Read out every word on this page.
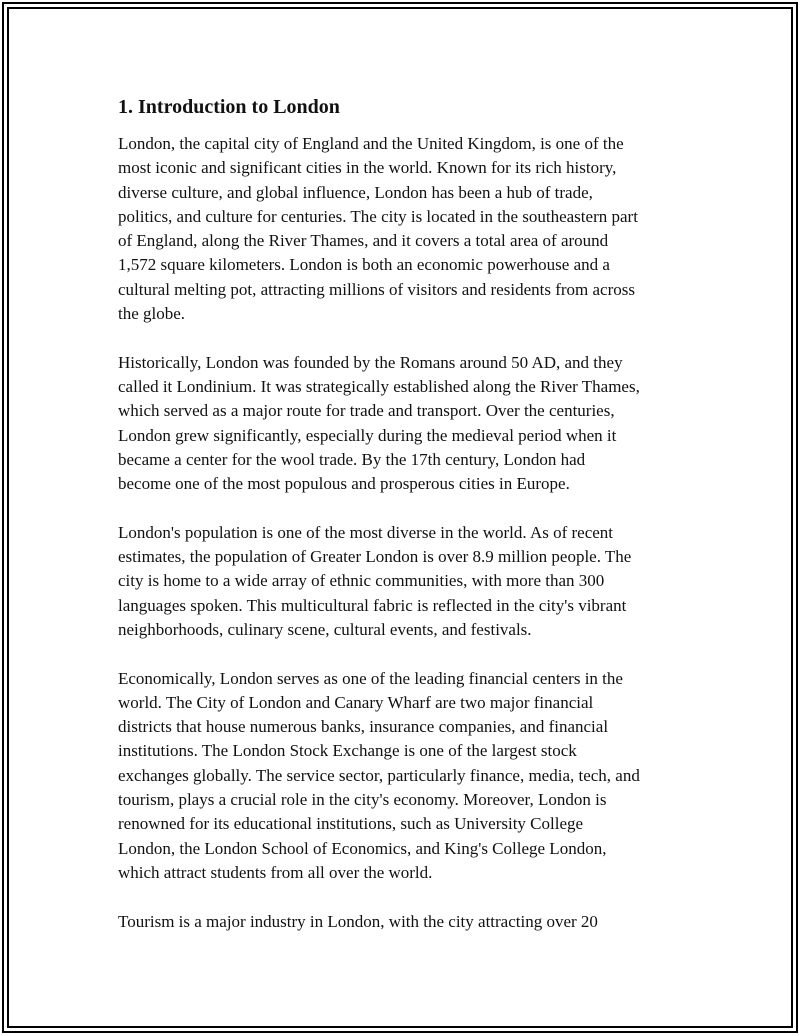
1. Introduction to London

London, the capital city of England and the United Kingdom, is one of the
most iconic and significant cities in the world. Known for its rich history,
diverse culture, and global influence, London has been a hub of trade,
politics, and culture for centuries. The city is located in the southeastern part
of England, along the River Thames, and it covers a total area of around
1,572 square kilometers. London is both an economic powerhouse and a
cultural melting pot, attracting millions of visitors and residents from across
the globe.

Historically, London was founded by the Romans around 50 AD, and they
called it Londinium. It was strategically established along the River Thames,
which served as a major route for trade and transport. Over the centuries,
London grew significantly, especially during the medieval period when it
became a center for the wool trade. By the 17th century, London had
become one of the most populous and prosperous cities in Europe.

London's population is one of the most diverse in the world. As of recent
estimates, the population of Greater London is over 8.9 million people. The
city is home to a wide array of ethnic communities, with more than 300
languages spoken. This multicultural fabric is reflected in the city's vibrant
neighborhoods, culinary scene, cultural events, and festivals.

Economically, London serves as one of the leading financial centers in the
world. The City of London and Canary Wharf are two major financial
districts that house numerous banks, insurance companies, and financial
institutions. The London Stock Exchange is one of the largest stock
exchanges globally. The service sector, particularly finance, media, tech, and
tourism, plays a crucial role in the city's economy. Moreover, London is
renowned for its educational institutions, such as University College
London, the London School of Economics, and King's College London,
which attract students from all over the world.

Tourism is a major industry in London, with the city attracting over 20
